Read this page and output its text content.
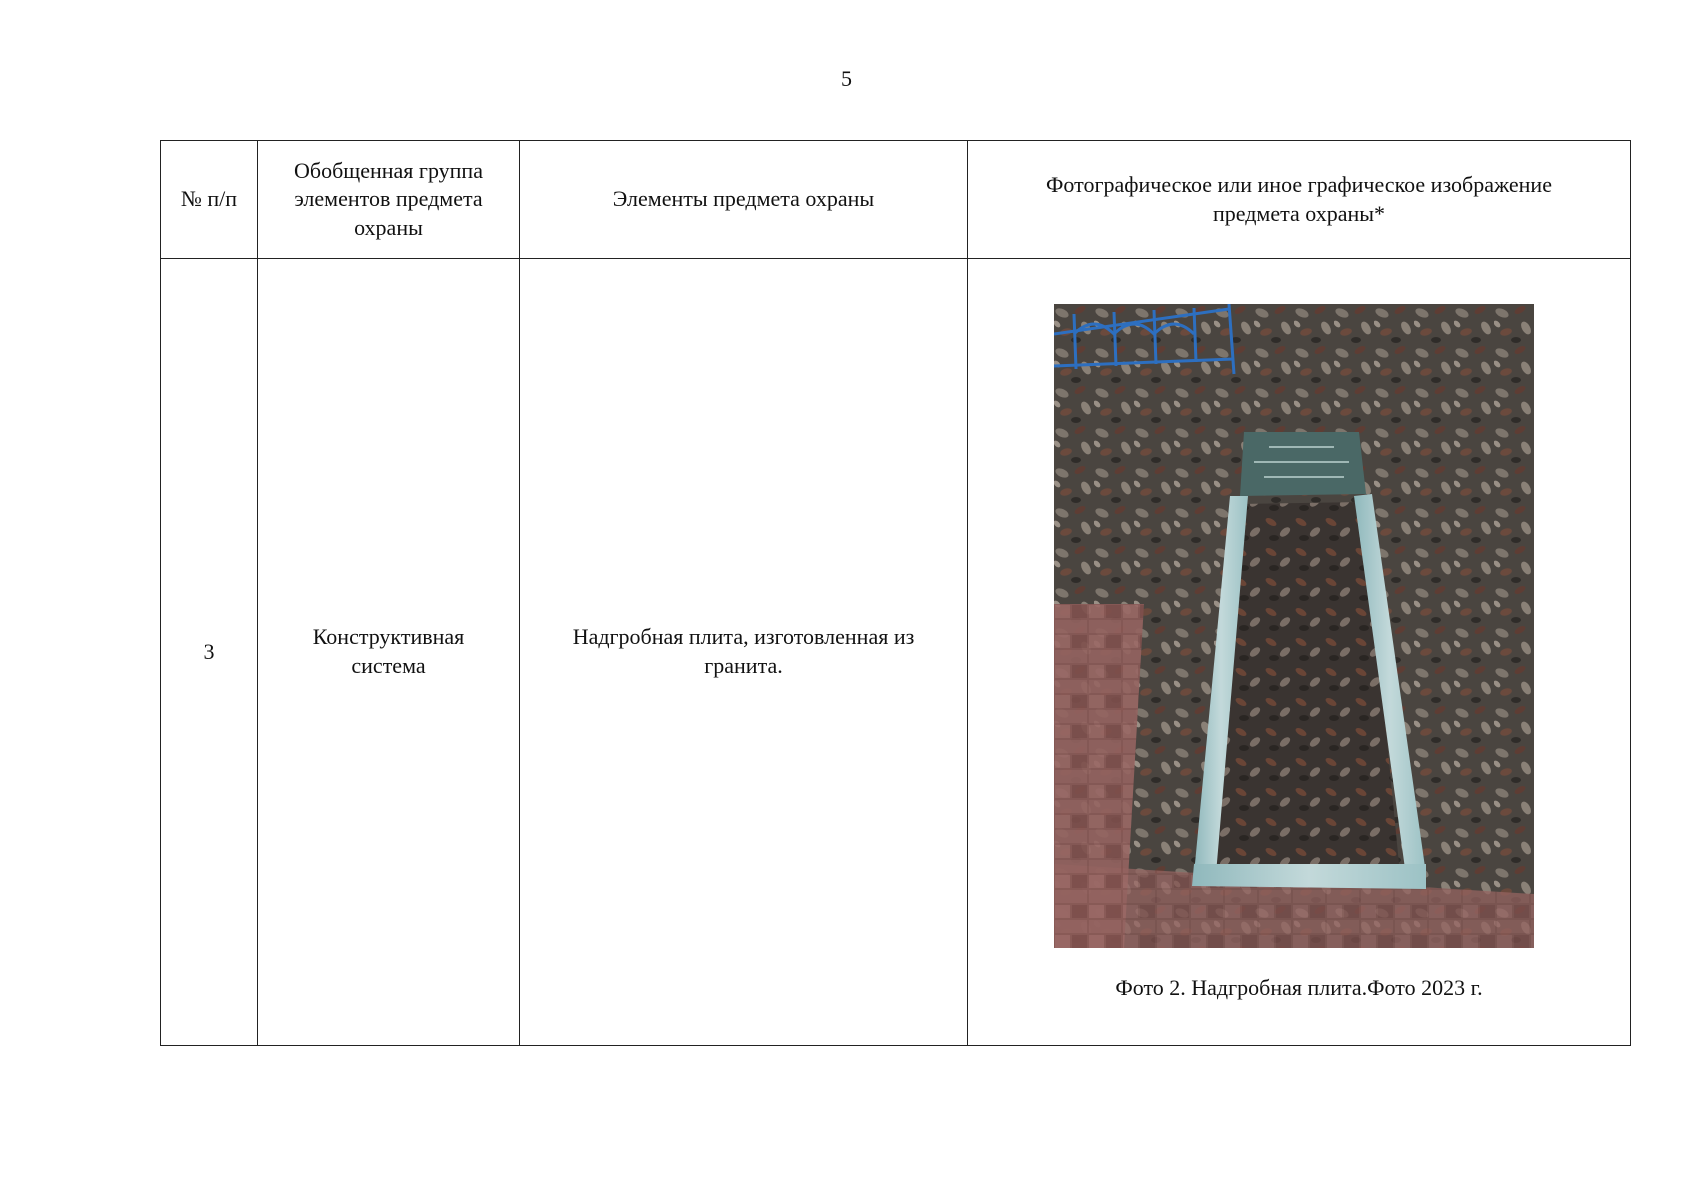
5
№ п/п	Обобщенная группа элементов предмета охраны	Элементы предмета охраны	Фотографическое или иное графическое изображение предмета охраны*

3	Конструктивная система	Надгробная плита, изготовленная из гранита.	Фото 2. Надгробная плита.Фото 2023 г.
